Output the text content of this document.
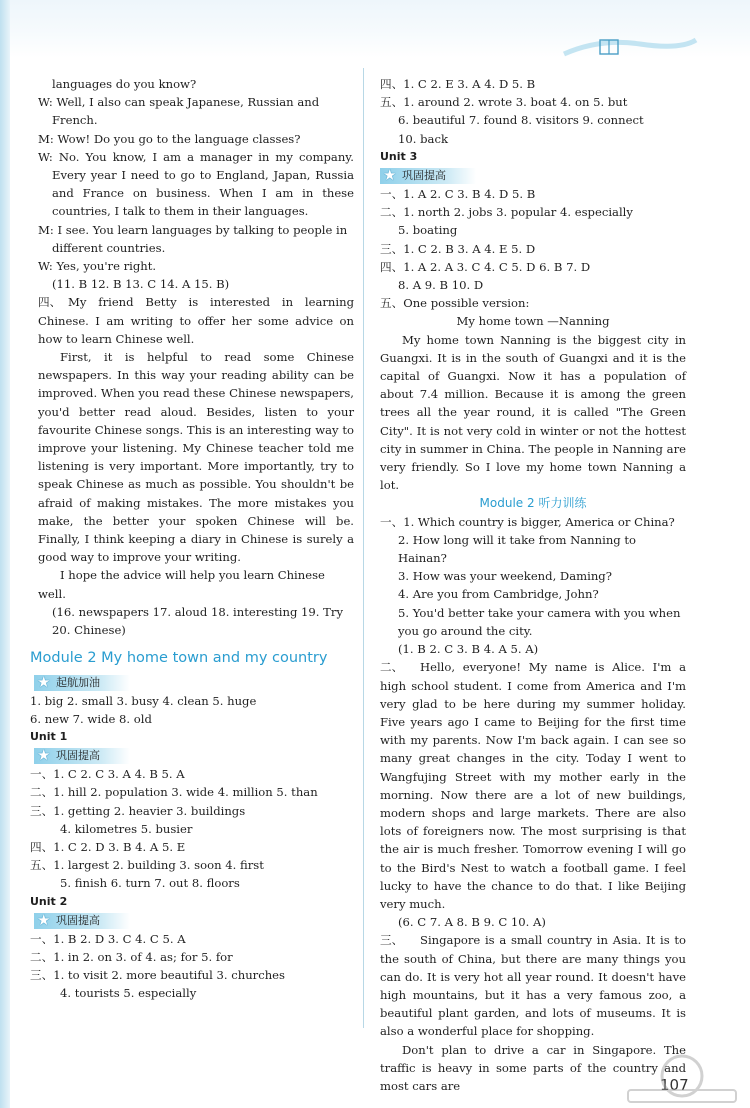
languages do you know?

W: Well, I also can speak Japanese, Russian and French.

M: Wow! Do you go to the language classes?

W: No. You know, I am a manager in my company. Every year I need to go to England, Japan, Russia and France on business. When I am in these countries, I talk to them in their languages.

M: I see. You learn languages by talking to people in different countries.

W: Yes, you're right.

(11. B 12. B 13. C 14. A 15. B)

四、 My friend Betty is interested in learning Chinese. I am writing to offer her some advice on how to learn Chinese well.

First, it is helpful to read some Chinese newspapers. In this way your reading ability can be improved. When you read these Chinese newspapers, you'd better read aloud. Besides, listen to your favourite Chinese songs. This is an interesting way to improve your listening. My Chinese teacher told me listening is very important. More importantly, try to speak Chinese as much as possible. You shouldn't be afraid of making mistakes. The more mistakes you make, the better your spoken Chinese will be. Finally, I think keeping a diary in Chinese is surely a good way to improve your writing.

I hope the advice will help you learn Chinese well.

(16. newspapers 17. aloud 18. interesting 19. Try 20. Chinese)

Module 2 My home town and my country
★ 起航加油

1. big 2. small 3. busy 4. clean 5. huge

6. new 7. wide 8. old

Unit 1

★ 巩固提高

一、1. C 2. C 3. A 4. B 5. A

二、1. hill 2. population 3. wide 4. million 5. than

三、1. getting 2. heavier 3. buildings

4. kilometres 5. busier

四、1. C 2. D 3. B 4. A 5. E

五、1. largest 2. building 3. soon 4. first

5. finish 6. turn 7. out 8. floors

Unit 2

★ 巩固提高

一、1. B 2. D 3. C 4. C 5. A

二、1. in 2. on 3. of 4. as; for 5. for

三、1. to visit 2. more beautiful 3. churches

4. tourists 5. especially

四、1. C 2. E 3. A 4. D 5. B

五、1. around 2. wrote 3. boat 4. on 5. but

6. beautiful 7. found 8. visitors 9. connect

10. back

Unit 3

★ 巩固提高

一、1. A 2. C 3. B 4. D 5. B

二、1. north 2. jobs 3. popular 4. especially

5. boating

三、1. C 2. B 3. A 4. E 5. D

四、1. A 2. A 3. C 4. C 5. D 6. B 7. D

8. A 9. B 10. D

五、One possible version:

My home town —Nanning

My home town Nanning is the biggest city in Guangxi. It is in the south of Guangxi and it is the capital of Guangxi. Now it has a population of about 7.4 million. Because it is among the green trees all the year round, it is called "The Green City". It is not very cold in winter or not the hottest city in summer in China. The people in Nanning are very friendly. So I love my home town Nanning a lot.

Module 2 听力训练

一、1. Which country is bigger, America or China?

2. How long will it take from Nanning to Hainan?

3. How was your weekend, Daming?

4. Are you from Cambridge, John?

5. You'd better take your camera with you when you go around the city.

(1. B 2. C 3. B 4. A 5. A)

二、 Hello, everyone! My name is Alice. I'm a high school student. I come from America and I'm very glad to be here during my summer holiday. Five years ago I came to Beijing for the first time with my parents. Now I'm back again. I can see so many great changes in the city. Today I went to Wangfujing Street with my mother early in the morning. Now there are a lot of new buildings, modern shops and large markets. There are also lots of foreigners now. The most surprising is that the air is much fresher. Tomorrow evening I will go to the Bird's Nest to watch a football game. I feel lucky to have the chance to do that. I like Beijing very much.

(6. C 7. A 8. B 9. C 10. A)

三、 Singapore is a small country in Asia. It is to the south of China, but there are many things you can do. It is very hot all year round. It doesn't have high mountains, but it has a very famous zoo, a beautiful plant garden, and lots of museums. It is also a wonderful place for shopping.

Don't plan to drive a car in Singapore. The traffic is heavy in some parts of the country and most cars are	107
